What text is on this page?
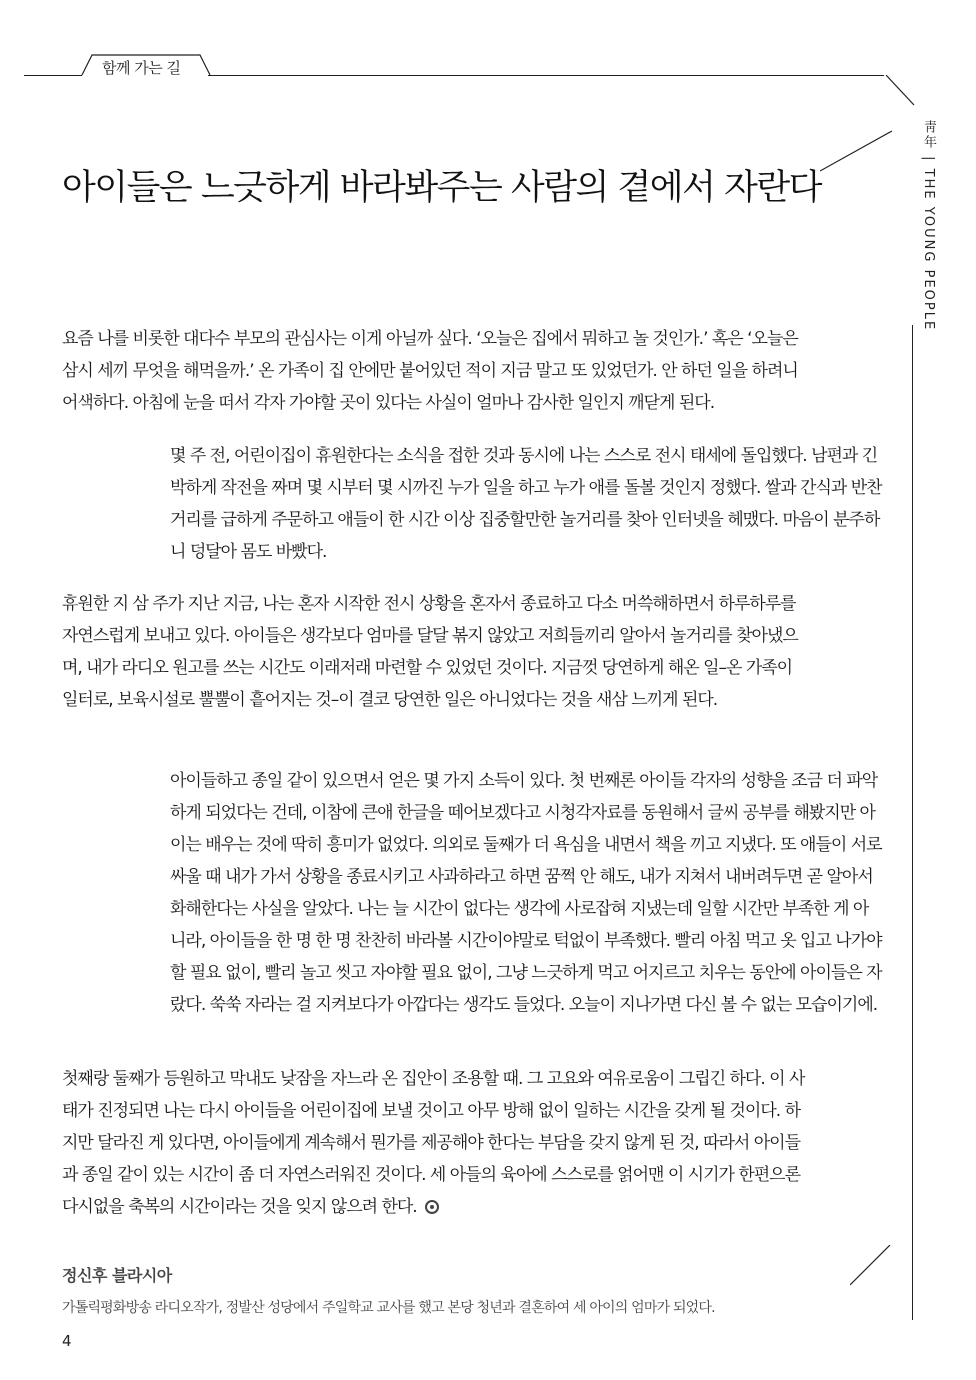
함께 가는 길
靑年 | THE YOUNG PEOPLE
아이들은 느긋하게 바라봐주는 사람의 곁에서 자란다

요즘 나를 비롯한 대다수 부모의 관심사는 이게 아닐까 싶다. ‘오늘은 집에서 뭐하고 놀 것인가.’ 혹은 ‘오늘은 삼시 세끼 무엇을 해먹을까.’ 온 가족이 집 안에만 붙어있던 적이 지금 말고 또 있었던가. 안 하던 일을 하려니 어색하다. 아침에 눈을 떠서 각자 가야할 곳이 있다는 사실이 얼마나 감사한 일인지 깨닫게 된다.

몇 주 전, 어린이집이 휴원한다는 소식을 접한 것과 동시에 나는 스스로 전시 태세에 돌입했다. 남편과 긴박하게 작전을 짜며 몇 시부터 몇 시까진 누가 일을 하고 누가 애를 돌볼 것인지 정했다. 쌀과 간식과 반찬거리를 급하게 주문하고 애들이 한 시간 이상 집중할만한 놀거리를 찾아 인터넷을 헤맸다. 마음이 분주하니 덩달아 몸도 바빴다.

휴원한 지 삼 주가 지난 지금, 나는 혼자 시작한 전시 상황을 혼자서 종료하고 다소 머쓱해하면서 하루하루를 자연스럽게 보내고 있다. 아이들은 생각보다 엄마를 달달 볶지 않았고 저희들끼리 알아서 놀거리를 찾아냈으며, 내가 라디오 원고를 쓰는 시간도 이래저래 마련할 수 있었던 것이다. 지금껏 당연하게 해온 일–온 가족이 일터로, 보육시설로 뿔뿔이 흩어지는 것–이 결코 당연한 일은 아니었다는 것을 새삼 느끼게 된다.

아이들하고 종일 같이 있으면서 얻은 몇 가지 소득이 있다. 첫 번째론 아이들 각자의 성향을 조금 더 파악하게 되었다는 건데, 이참에 큰애 한글을 떼어보겠다고 시청각자료를 동원해서 글씨 공부를 해봤지만 아이는 배우는 것에 딱히 흥미가 없었다. 의외로 둘째가 더 욕심을 내면서 책을 끼고 지냈다. 또 애들이 서로 싸울 때 내가 가서 상황을 종료시키고 사과하라고 하면 꿈쩍 안 해도, 내가 지쳐서 내버려두면 곧 알아서 화해한다는 사실을 알았다. 나는 늘 시간이 없다는 생각에 사로잡혀 지냈는데 일할 시간만 부족한 게 아니라, 아이들을 한 명 한 명 찬찬히 바라볼 시간이야말로 턱없이 부족했다. 빨리 아침 먹고 옷 입고 나가야 할 필요 없이, 빨리 놀고 씻고 자야할 필요 없이, 그냥 느긋하게 먹고 어지르고 치우는 동안에 아이들은 자랐다. 쑥쑥 자라는 걸 지켜보다가 아깝다는 생각도 들었다. 오늘이 지나가면 다신 볼 수 없는 모습이기에.

첫째랑 둘째가 등원하고 막내도 낮잠을 자느라 온 집안이 조용할 때. 그 고요와 여유로움이 그립긴 하다. 이 사태가 진정되면 나는 다시 아이들을 어린이집에 보낼 것이고 아무 방해 없이 일하는 시간을 갖게 될 것이다. 하지만 달라진 게 있다면, 아이들에게 계속해서 뭔가를 제공해야 한다는 부담을 갖지 않게 된 것, 따라서 아이들과 종일 같이 있는 시간이 좀 더 자연스러워진 것이다. 세 아들의 육아에 스스로를 얽어맨 이 시기가 한편으론 다시없을 축복의 시간이라는 것을 잊지 않으려 한다.

정신후 블라시아
가톨릭평화방송 라디오작가, 정발산 성당에서 주일학교 교사를 했고 본당 청년과 결혼하여 세 아이의 엄마가 되었다.
4
